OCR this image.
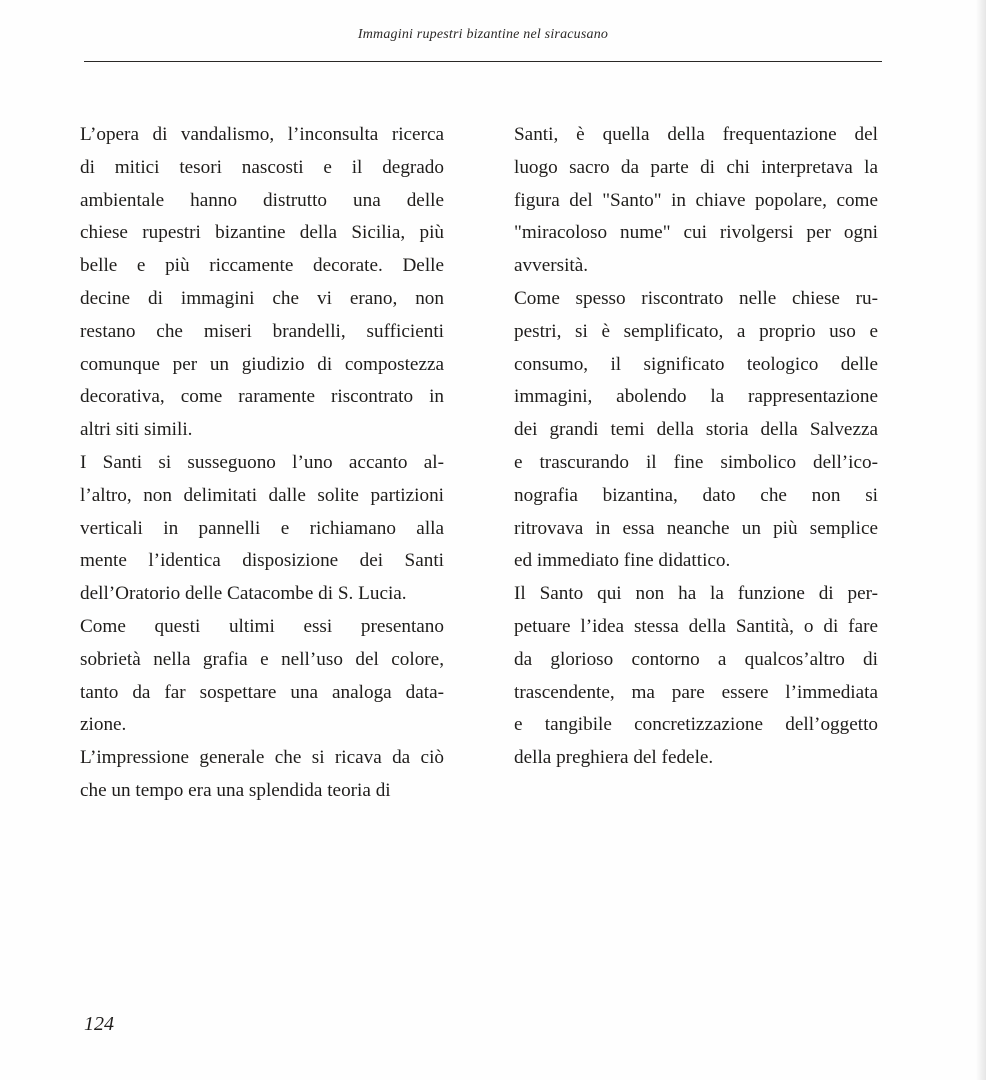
Immagini rupestri bizantine nel siracusano
L’opera di vandalismo, l’inconsulta ricerca
di mitici tesori nascosti e il degrado
ambientale hanno distrutto una delle
chiese rupestri bizantine della Sicilia, più
belle e più riccamente decorate. Delle
decine di immagini che vi erano, non
restano che miseri brandelli, sufficienti
comunque per un giudizio di compostezza
decorativa, come raramente riscontrato in
altri siti simili.
I Santi si susseguono l’uno accanto al-
l’altro, non delimitati dalle solite partizioni
verticali in pannelli e richiamano alla
mente l’identica disposizione dei Santi
dell’Oratorio delle Catacombe di S. Lucia.
Come questi ultimi essi presentano
sobrietà nella grafia e nell’uso del colore,
tanto da far sospettare una analoga data-
zione.
L’impressione generale che si ricava da ciò
che un tempo era una splendida teoria di
Santi, è quella della frequentazione del
luogo sacro da parte di chi interpretava la
figura del "Santo" in chiave popolare, come
"miracoloso nume" cui rivolgersi per ogni
avversità.
Come spesso riscontrato nelle chiese ru-
pestri, si è semplificato, a proprio uso e
consumo, il significato teologico delle
immagini, abolendo la rappresentazione
dei grandi temi della storia della Salvezza
e trascurando il fine simbolico dell’ico-
nografia bizantina, dato che non si
ritrovava in essa neanche un più semplice
ed immediato fine didattico.
Il Santo qui non ha la funzione di per-
petuare l’idea stessa della Santità, o di fare
da glorioso contorno a qualcos’altro di
trascendente, ma pare essere l’immediata
e tangibile concretizzazione dell’oggetto
della preghiera del fedele.
124
